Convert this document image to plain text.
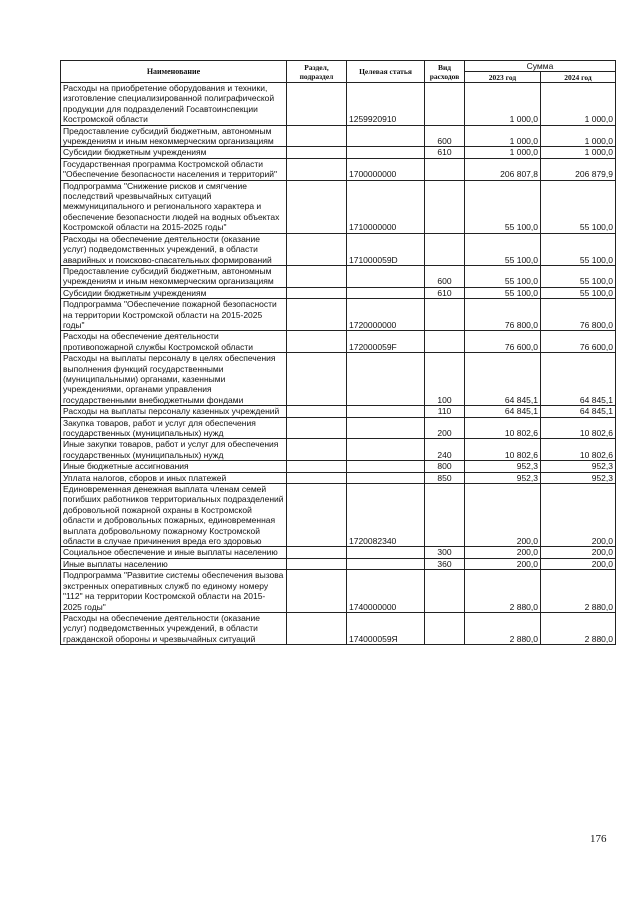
Наименование	Раздел, подраздел	Целевая статья	Вид расходов	Сумма	
				2023 год	2024 год
Расходы на приобретение оборудования и техники, изготовление специализированной полиграфической продукции для подразделений Госавтоинспекции Костромской области		1259920910		1 000,0	1 000,0
Предоставление субсидий бюджетным, автономным учреждениям и иным некоммерческим организациям			600	1 000,0	1 000,0
Субсидии бюджетным учреждениям			610	1 000,0	1 000,0
Государственная программа Костромской области "Обеспечение безопасности населения и территорий"		1700000000		206 807,8	206 879,9
Подпрограмма "Снижение рисков и смягчение последствий чрезвычайных ситуаций межмуниципального и регионального характера и обеспечение безопасности людей на водных объектах Костромской области на 2015-2025 годы"		1710000000		55 100,0	55 100,0
Расходы на обеспечение деятельности (оказание услуг) подведомственных учреждений, в области аварийных и поисково-спасательных формирований		171000059D		55 100,0	55 100,0
Предоставление субсидий бюджетным, автономным учреждениям и иным некоммерческим организациям			600	55 100,0	55 100,0
Субсидии бюджетным учреждениям			610	55 100,0	55 100,0
Подпрограмма "Обеспечение пожарной безопасности на территории Костромской области на 2015-2025 годы"		1720000000		76 800,0	76 800,0
Расходы на обеспечение деятельности противопожарной службы Костромской области		172000059F		76 600,0	76 600,0
Расходы на выплаты персоналу в целях обеспечения выполнения функций государственными (муниципальными) органами, казенными учреждениями, органами управления государственными внебюджетными фондами			100	64 845,1	64 845,1
Расходы на выплаты персоналу казенных учреждений			110	64 845,1	64 845,1
Закупка товаров, работ и услуг для обеспечения государственных (муниципальных) нужд			200	10 802,6	10 802,6
Иные закупки товаров, работ и услуг для обеспечения государственных (муниципальных) нужд			240	10 802,6	10 802,6
Иные бюджетные ассигнования			800	952,3	952,3
Уплата налогов, сборов и иных платежей			850	952,3	952,3
Единовременная денежная выплата членам семей погибших работников территориальных подразделений добровольной пожарной охраны в Костромской области и добровольных пожарных, единовременная выплата добровольному пожарному Костромской области в случае причинения вреда его здоровью		1720082340		200,0	200,0
Социальное обеспечение и иные выплаты населению			300	200,0	200,0
Иные выплаты населению			360	200,0	200,0
Подпрограмма "Развитие системы обеспечения вызова экстренных оперативных служб по единому номеру "112" на территории Костромской области на 2015-2025 годы"		1740000000		2 880,0	2 880,0
Расходы на обеспечение деятельности (оказание услуг) подведомственных учреждений, в области гражданской обороны и чрезвычайных ситуаций		174000059Я		2 880,0	2 880,0
176
